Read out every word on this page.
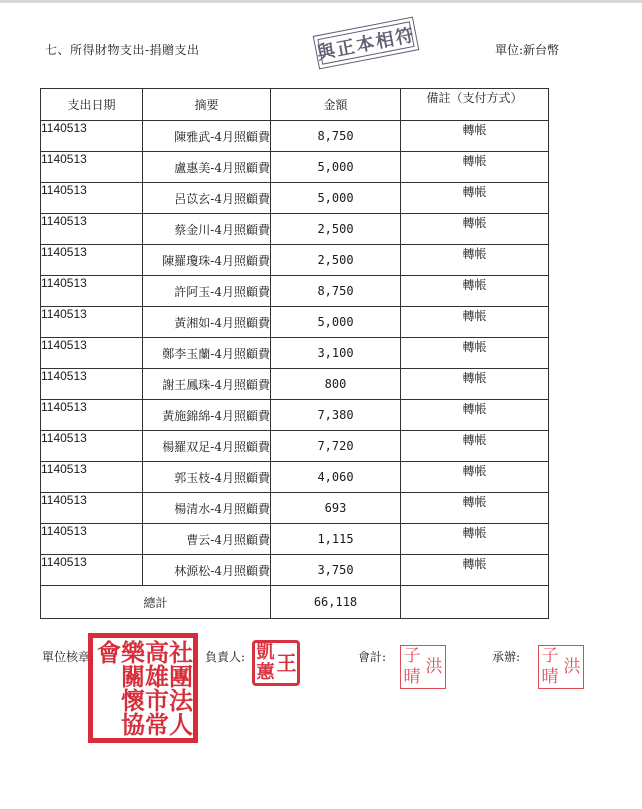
七、所得財物支出-捐贈支出	單位:新台幣
與正本相符
支出日期	摘要	金額	備註（支付方式）
1140513	陳雅武-4月照顧費	8,750	轉帳
1140513	盧惠美-4月照顧費	5,000	轉帳
1140513	呂苡玄-4月照顧費	5,000	轉帳
1140513	蔡金川-4月照顧費	2,500	轉帳
1140513	陳羅瓊珠-4月照顧費	2,500	轉帳
1140513	許阿玉-4月照顧費	8,750	轉帳
1140513	黃湘如-4月照顧費	5,000	轉帳
1140513	鄭李玉蘭-4月照顧費	3,100	轉帳
1140513	謝王鳳珠-4月照顧費	800	轉帳
1140513	黃施錦綿-4月照顧費	7,380	轉帳
1140513	楊羅双足-4月照顧費	7,720	轉帳
1140513	郭玉枝-4月照顧費	4,060	轉帳
1140513	楊清水-4月照顧費	693	轉帳
1140513	曹云-4月照顧費	1,115	轉帳
1140513	林源松-4月照顧費	3,750	轉帳
總計		66,118	
單位核章:	負責人:	會計:	承辦:
會 樂 高 社
關 雄 團
懷 市 法
協 常 人
王
凱
蕙	洪
子
晴	洪
子
晴
